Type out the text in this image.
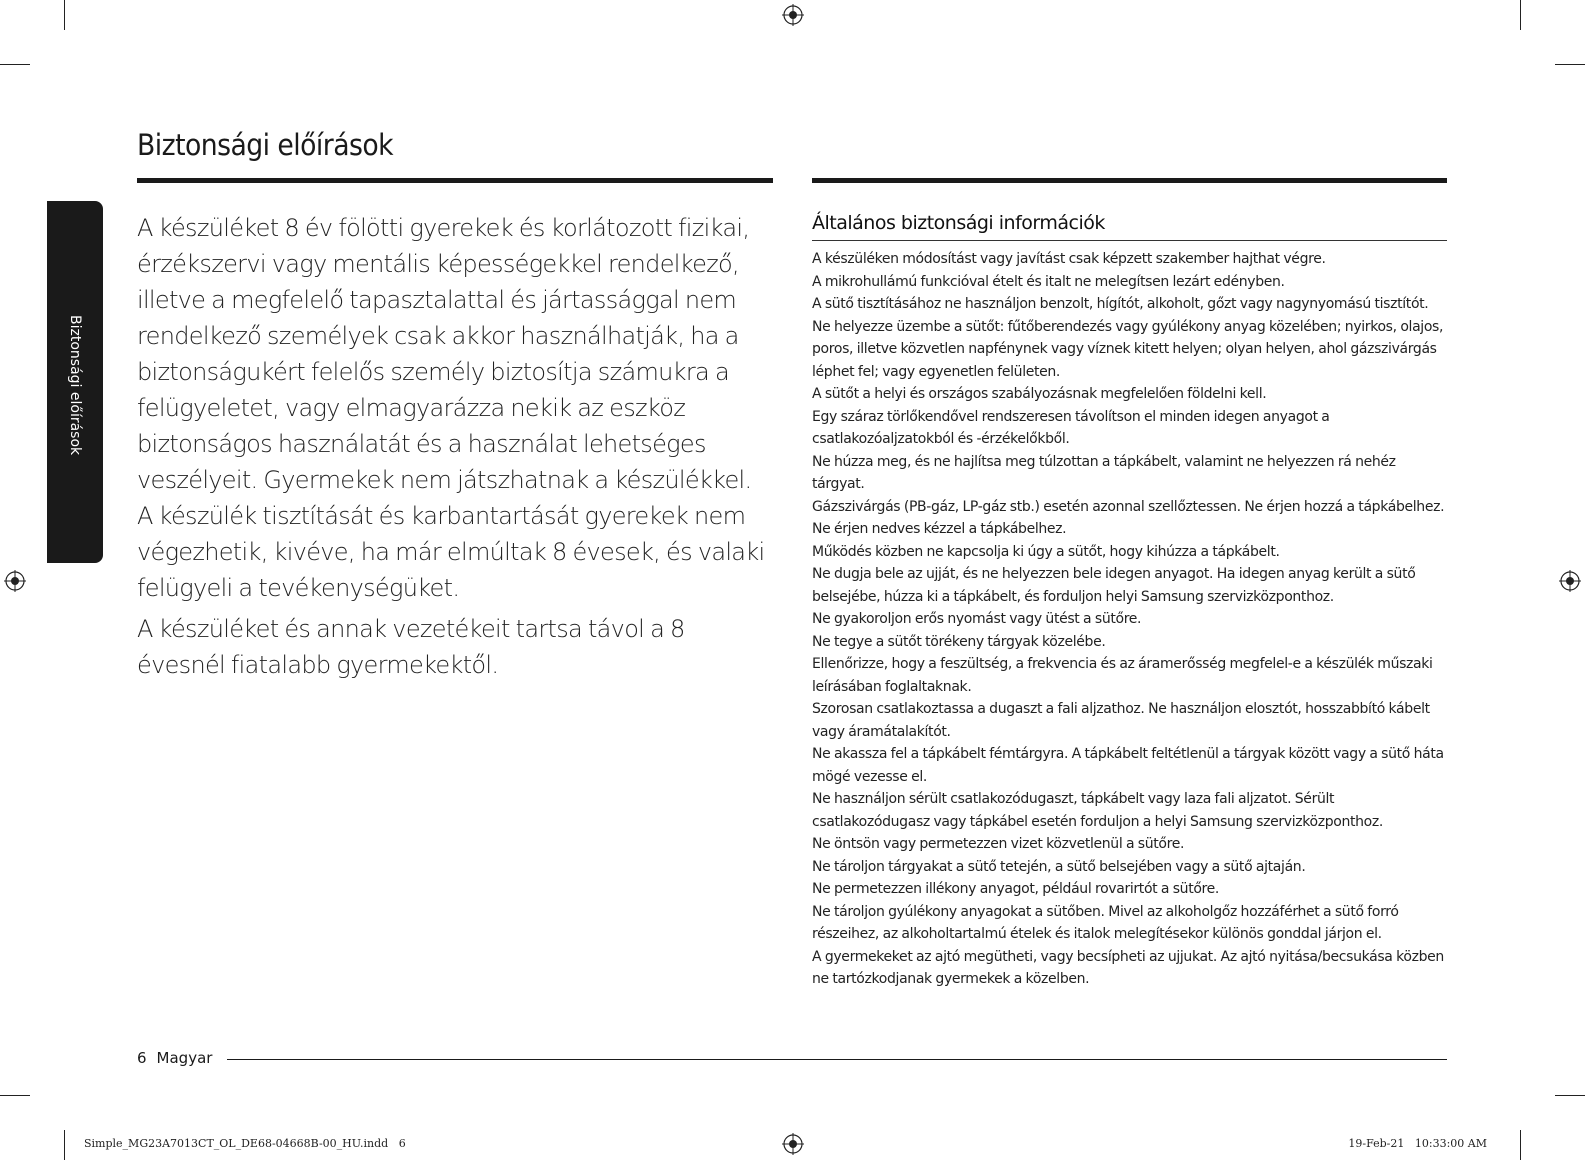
Biztonsági előírások
Biztonsági előírások

A készüléket 8 év fölötti gyerekek és korlátozott fizikai, érzékszervi vagy mentális képességekkel rendelkező, illetve a megfelelő tapasztalattal és jártassággal nem rendelkező személyek csak akkor használhatják, ha a biztonságukért felelős személy biztosítja számukra a felügyeletet, vagy elmagyarázza nekik az eszköz biztonságos használatát és a használat lehetséges veszélyeit. Gyermekek nem játszhatnak a készülékkel. A készülék tisztítását és karbantartását gyerekek nem végezhetik, kivéve, ha már elmúltak 8 évesek, és valaki felügyeli a tevékenységüket.

A készüléket és annak vezetékeit tartsa távol a 8 évesnél fiatalabb gyermekektől.

Általános biztonsági információk
A készüléken módosítást vagy javítást csak képzett szakember hajthat végre.
A mikrohullámú funkcióval ételt és italt ne melegítsen lezárt edényben.
A sütő tisztításához ne használjon benzolt, hígítót, alkoholt, gőzt vagy nagynyomású tisztítót.
Ne helyezze üzembe a sütőt: fűtőberendezés vagy gyúlékony anyag közelében; nyirkos, olajos, poros, illetve közvetlen napfénynek vagy víznek kitett helyen; olyan helyen, ahol gázszivárgás léphet fel; vagy egyenetlen felületen.
A sütőt a helyi és országos szabályozásnak megfelelően földelni kell.
Egy száraz törlőkendővel rendszeresen távolítson el minden idegen anyagot a csatlakozóaljzatokból és -érzékelőkből.
Ne húzza meg, és ne hajlítsa meg túlzottan a tápkábelt, valamint ne helyezzen rá nehéz tárgyat.
Gázszivárgás (PB-gáz, LP-gáz stb.) esetén azonnal szellőztessen. Ne érjen hozzá a tápkábelhez.
Ne érjen nedves kézzel a tápkábelhez.
Működés közben ne kapcsolja ki úgy a sütőt, hogy kihúzza a tápkábelt.
Ne dugja bele az ujját, és ne helyezzen bele idegen anyagot. Ha idegen anyag került a sütő belsejébe, húzza ki a tápkábelt, és forduljon helyi Samsung szervizközponthoz.
Ne gyakoroljon erős nyomást vagy ütést a sütőre.
Ne tegye a sütőt törékeny tárgyak közelébe.
Ellenőrizze, hogy a feszültség, a frekvencia és az áramerősség megfelel-e a készülék műszaki leírásában foglaltaknak.
Szorosan csatlakoztassa a dugaszt a fali aljzathoz. Ne használjon elosztót, hosszabbító kábelt vagy áramátalakítót.
Ne akassza fel a tápkábelt fémtárgyra. A tápkábelt feltétlenül a tárgyak között vagy a sütő háta mögé vezesse el.
Ne használjon sérült csatlakozódugaszt, tápkábelt vagy laza fali aljzatot. Sérült csatlakozódugasz vagy tápkábel esetén forduljon a helyi Samsung szervizközponthoz.
Ne öntsön vagy permetezzen vizet közvetlenül a sütőre.
Ne tároljon tárgyakat a sütő tetején, a sütő belsejében vagy a sütő ajtaján.
Ne permetezzen illékony anyagot, például rovarirtót a sütőre.
Ne tároljon gyúlékony anyagokat a sütőben. Mivel az alkoholgőz hozzáférhet a sütő forró részeihez, az alkoholtartalmú ételek és italok melegítésekor különös gonddal járjon el.
A gyermekeket az ajtó megütheti, vagy becsípheti az ujjukat. Az ajtó nyitása/becsukása közben ne tartózkodjanak gyermekek a közelben.
6 Magyar
Simple_MG23A7013CT_OL_DE68-04668B-00_HU.indd   6	19-Feb-21   10:33:00 AM
